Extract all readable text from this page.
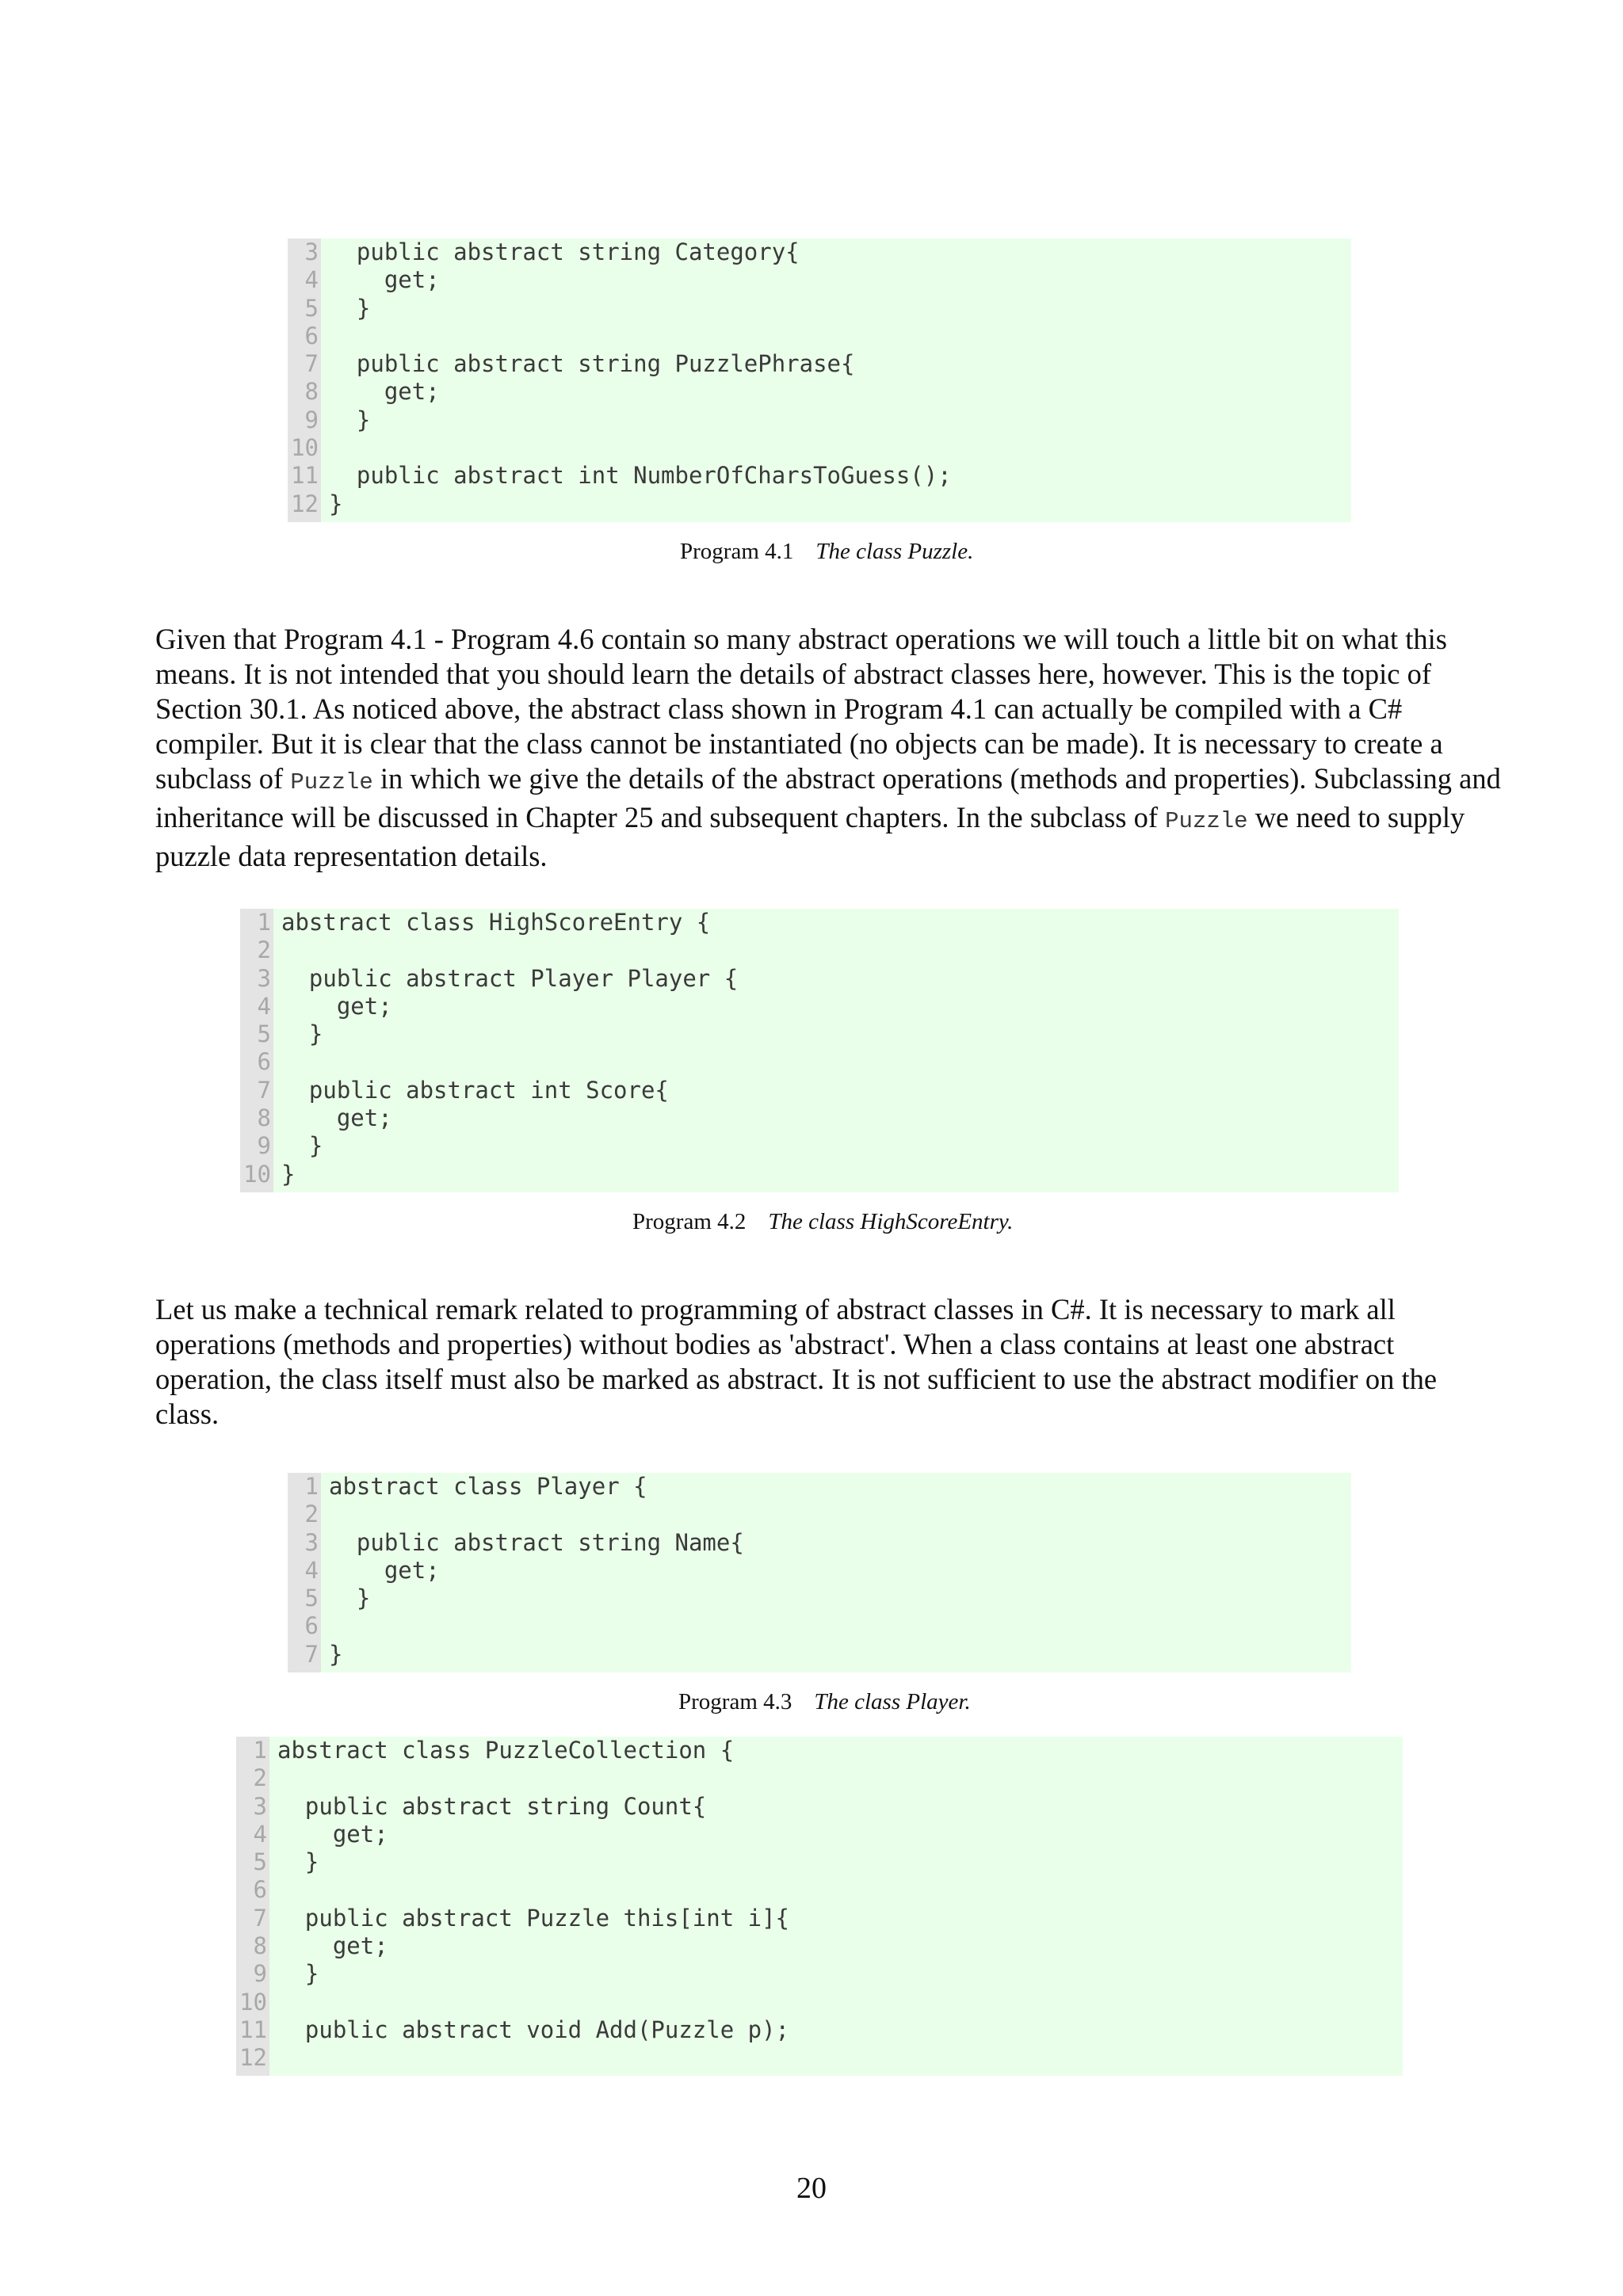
3
4
5
6
7
8
9
10
11
12
public abstract string Category{
get;
}
public abstract string PuzzlePhrase{
get;
}
public abstract int NumberOfCharsToGuess();
}
Program 4.1 The class Puzzle.
Given that Program 4.1 - Program 4.6 contain so many abstract operations we will touch a little bit on what this means. It is not intended that you should learn the details of abstract classes here, however. This is the topic of Section 30.1. As noticed above, the abstract class shown in Program 4.1 can actually be compiled with a C# compiler. But it is clear that the class cannot be instantiated (no objects can be made). It is necessary to create a subclass of Puzzle in which we give the details of the abstract operations (methods and properties). Subclassing and inheritance will be discussed in Chapter 25 and subsequent chapters. In the subclass of Puzzle we need to supply puzzle data representation details.
1
2
3
4
5
6
7
8
9
10
abstract class HighScoreEntry {
public abstract Player Player {
get;
}
public abstract int Score{
get;
}
}
Program 4.2 The class HighScoreEntry.
Let us make a technical remark related to programming of abstract classes in C#. It is necessary to mark all operations (methods and properties) without bodies as 'abstract'. When a class contains at least one abstract operation, the class itself must also be marked as abstract. It is not sufficient to use the abstract modifier on the class.
1
2
3
4
5
6
7
abstract class Player {
public abstract string Name{
get;
}
}
Program 4.3 The class Player.
1
2
3
4
5
6
7
8
9
10
11
12
abstract class PuzzleCollection {
public abstract string Count{
get;
}
public abstract Puzzle this[int i]{
get;
}
public abstract void Add(Puzzle p);
20
